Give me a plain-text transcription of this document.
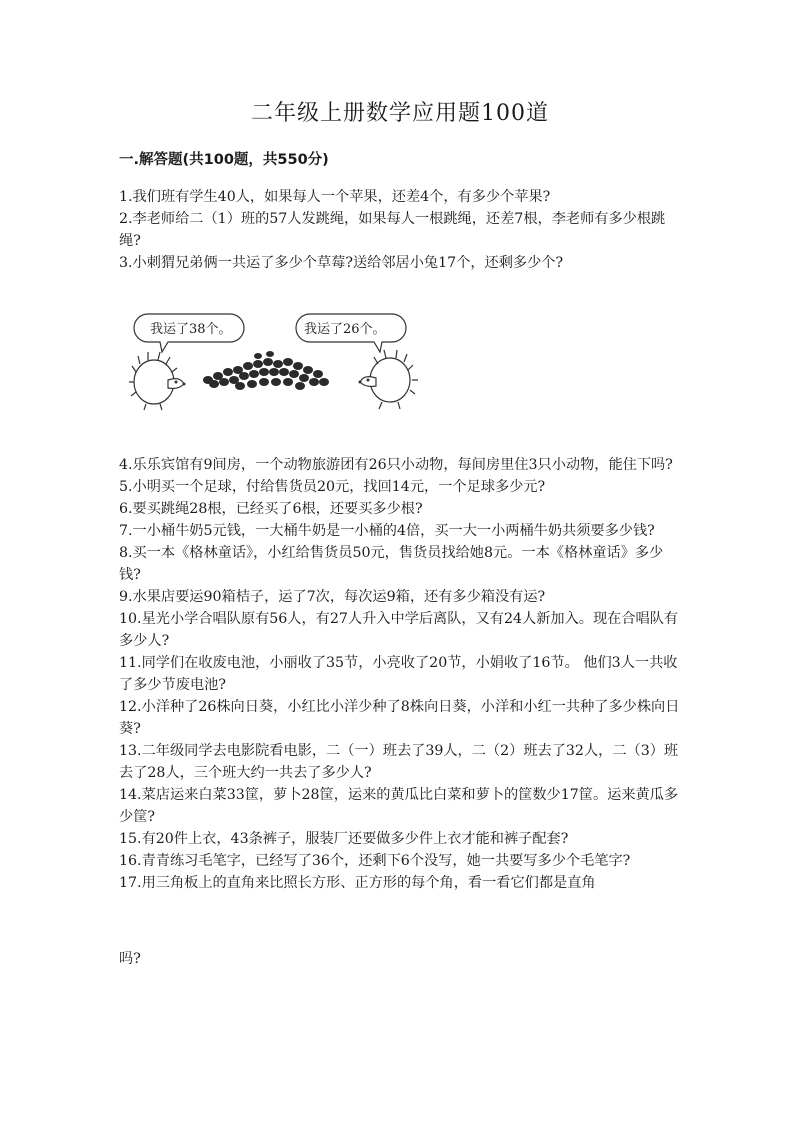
二年级上册数学应用题100道
一.解答题(共100题，共550分)

1.我们班有学生40人，如果每人一个苹果，还差4个，有多少个苹果?

2.李老师给二（1）班的57人发跳绳，如果每人一根跳绳，还差7根，李老师有多少根跳绳?

3.小刺猬兄弟俩一共运了多少个草莓?送给邻居小兔17个，还剩多少个?

我运了38个。	我运了26个。

4.乐乐宾馆有9间房，一个动物旅游团有26只小动物，每间房里住3只小动物，能住下吗?

5.小明买一个足球，付给售货员20元，找回14元，一个足球多少元?

6.要买跳绳28根，已经买了6根，还要买多少根?

7.一小桶牛奶5元钱，一大桶牛奶是一小桶的4倍，买一大一小两桶牛奶共须要多少钱?

8.买一本《格林童话》，小红给售货员50元，售货员找给她8元。一本《格林童话》多少钱?

9.水果店要运90箱桔子，运了7次，每次运9箱，还有多少箱没有运?

10.星光小学合唱队原有56人，有27人升入中学后离队，又有24人新加入。现在合唱队有多少人?

11.同学们在收废电池，小丽收了35节，小亮收了20节，小娟收了16节。 他们3人一共收了多少节废电池?

12.小洋种了26株向日葵，小红比小洋少种了8株向日葵，小洋和小红一共种了多少株向日葵?

13.二年级同学去电影院看电影，二（一）班去了39人，二（2）班去了32人，二（3）班去了28人，三个班大约一共去了多少人?

14.菜店运来白菜33筐，萝卜28筐，运来的黄瓜比白菜和萝卜的筐数少17筐。运来黄瓜多少筐?

15.有20件上衣，43条裤子，服装厂还要做多少件上衣才能和裤子配套?

16.青青练习毛笔字，已经写了36个，还剩下6个没写，她一共要写多少个毛笔字?

17.用三角板上的直角来比照长方形、正方形的每个角，看一看它们都是直角

吗?
